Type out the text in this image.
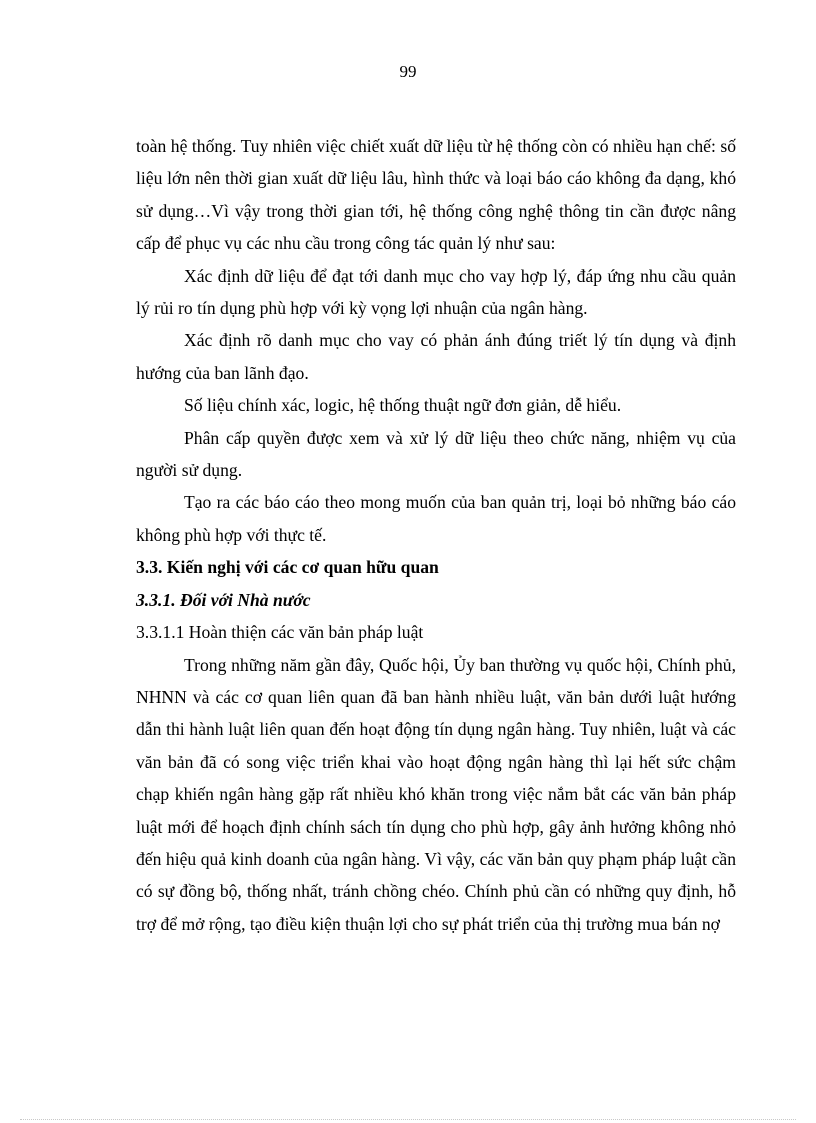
99

toàn hệ thống. Tuy nhiên việc chiết xuất dữ liệu từ hệ thống còn có nhiều hạn chế: số liệu lớn nên thời gian xuất dữ liệu lâu, hình thức và loại báo cáo không đa dạng, khó sử dụng…Vì vậy trong thời gian tới, hệ thống công nghệ thông tin cần được nâng cấp để phục vụ các nhu cầu trong công tác quản lý như sau:

Xác định dữ liệu để đạt tới danh mục cho vay hợp lý, đáp ứng nhu cầu quản lý rủi ro tín dụng phù hợp với kỳ vọng lợi nhuận của ngân hàng.

Xác định rõ danh mục cho vay có phản ánh đúng triết lý tín dụng và định hướng của ban lãnh đạo.

Số liệu chính xác, logic, hệ thống thuật ngữ đơn giản, dễ hiểu.

Phân cấp quyền được xem và xử lý dữ liệu theo chức năng, nhiệm vụ của người sử dụng.

Tạo ra các báo cáo theo mong muốn của ban quản trị, loại bỏ những báo cáo không phù hợp với thực tế.

3.3. Kiến nghị với các cơ quan hữu quan

3.3.1. Đối với Nhà nước

3.3.1.1 Hoàn thiện các văn bản pháp luật

Trong những năm gần đây, Quốc hội, Ủy ban thường vụ quốc hội, Chính phủ, NHNN và các cơ quan liên quan đã ban hành nhiều luật, văn bản dưới luật hướng dẫn thi hành luật liên quan đến hoạt động tín dụng ngân hàng. Tuy nhiên, luật và các văn bản đã có song việc triển khai vào hoạt động ngân hàng thì lại hết sức chậm chạp khiến ngân hàng gặp rất nhiều khó khăn trong việc nắm bắt các văn bản pháp luật mới để hoạch định chính sách tín dụng cho phù hợp, gây ảnh hưởng không nhỏ đến hiệu quả kinh doanh của ngân hàng. Vì vậy, các văn bản quy phạm pháp luật cần có sự đồng bộ, thống nhất, tránh chồng chéo. Chính phủ cần có những quy định, hỗ trợ để mở rộng, tạo điều kiện thuận lợi cho sự phát triển của thị trường mua bán nợ
